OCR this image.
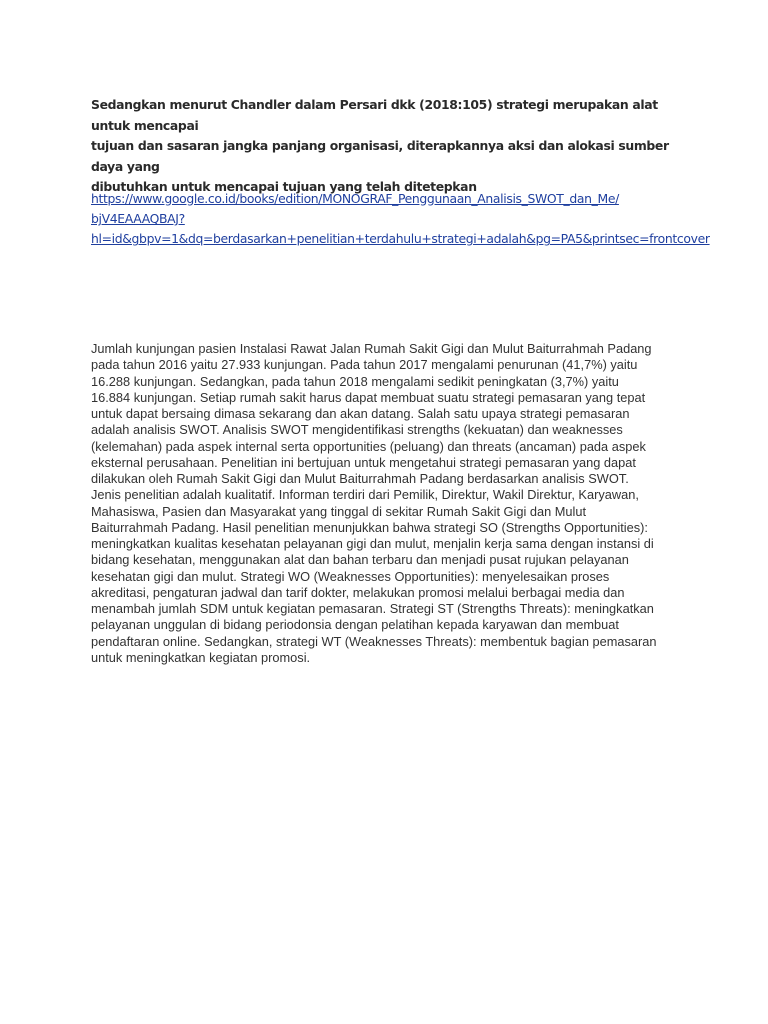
Sedangkan menurut Chandler dalam Persari dkk (2018:105) strategi merupakan alat untuk mencapai
tujuan dan sasaran jangka panjang organisasi, diterapkannya aksi dan alokasi sumber daya yang
dibutuhkan untuk mencapai tujuan yang telah ditetepkan
https://www.google.co.id/books/edition/MONOGRAF_Penggunaan_Analisis_SWOT_dan_Me/
bjV4EAAAQBAJ?
hl=id&gbpv=1&dq=berdasarkan+penelitian+terdahulu+strategi+adalah&pg=PA5&printsec=frontcover
Jumlah kunjungan pasien Instalasi Rawat Jalan Rumah Sakit Gigi dan Mulut Baiturrahmah Padang
pada tahun 2016 yaitu 27.933 kunjungan. Pada tahun 2017 mengalami penurunan (41,7%) yaitu
16.288 kunjungan. Sedangkan, pada tahun 2018 mengalami sedikit peningkatan (3,7%) yaitu
16.884 kunjungan. Setiap rumah sakit harus dapat membuat suatu strategi pemasaran yang tepat
untuk dapat bersaing dimasa sekarang dan akan datang. Salah satu upaya strategi pemasaran
adalah analisis SWOT. Analisis SWOT mengidentifikasi strengths (kekuatan) dan weaknesses
(kelemahan) pada aspek internal serta opportunities (peluang) dan threats (ancaman) pada aspek
eksternal perusahaan. Penelitian ini bertujuan untuk mengetahui strategi pemasaran yang dapat
dilakukan oleh Rumah Sakit Gigi dan Mulut Baiturrahmah Padang berdasarkan analisis SWOT.
Jenis penelitian adalah kualitatif. Informan terdiri dari Pemilik, Direktur, Wakil Direktur, Karyawan,
Mahasiswa, Pasien dan Masyarakat yang tinggal di sekitar Rumah Sakit Gigi dan Mulut
Baiturrahmah Padang. Hasil penelitian menunjukkan bahwa strategi SO (Strengths Opportunities):
meningkatkan kualitas kesehatan pelayanan gigi dan mulut, menjalin kerja sama dengan instansi di
bidang kesehatan, menggunakan alat dan bahan terbaru dan menjadi pusat rujukan pelayanan
kesehatan gigi dan mulut. Strategi WO (Weaknesses Opportunities): menyelesaikan proses
akreditasi, pengaturan jadwal dan tarif dokter, melakukan promosi melalui berbagai media dan
menambah jumlah SDM untuk kegiatan pemasaran. Strategi ST (Strengths Threats): meningkatkan
pelayanan unggulan di bidang periodonsia dengan pelatihan kepada karyawan dan membuat
pendaftaran online. Sedangkan, strategi WT (Weaknesses Threats): membentuk bagian pemasaran
untuk meningkatkan kegiatan promosi.
